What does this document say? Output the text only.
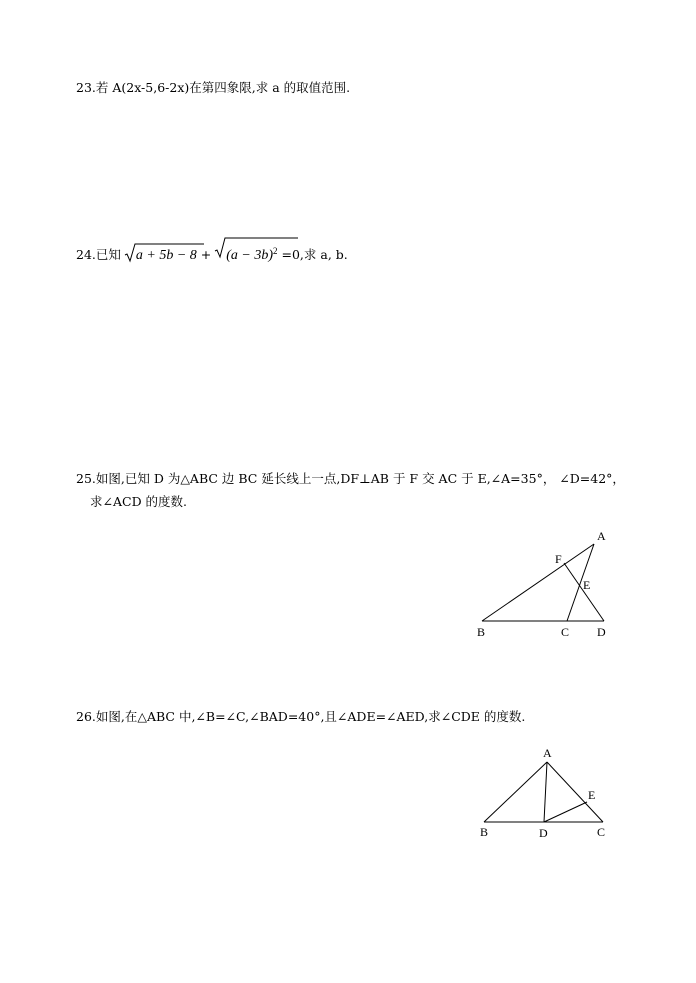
23.若 A(2x-5,6-2x)在第四象限,求 a 的取值范围.
24.已知 $a + 5b - 8 + (a - 3b)^2 =0$,求 a, b.
25.如图,已知 D 为△ABC 边 BC 延长线上一点,DF⊥AB 于 F 交 AC 于 E,∠A=35°， ∠D=42°，
求∠ACD 的度数.
A
F
E
B	C D
26.如图,在△ABC 中,∠B=∠C,∠BAD=40°,且∠ADE=∠AED,求∠CDE 的度数.
A
E
B	D	C
